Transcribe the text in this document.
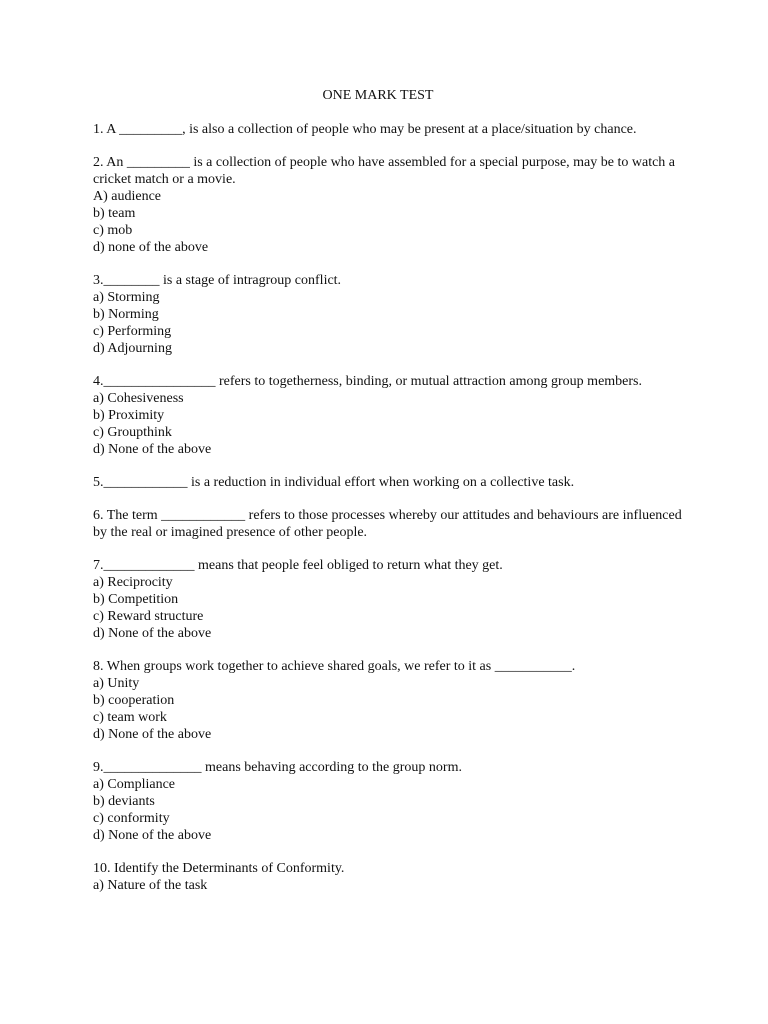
ONE MARK TEST

1. A _________, is also a collection of people who may be present at a place/situation by chance.

2. An _________ is a collection of people who have assembled for a special purpose, may be to watch a cricket match or a movie.

A) audience
b) team
c) mob
d) none of the above

3.________ is a stage of intragroup conflict.

a) Storming
b) Norming
c) Performing
d) Adjourning

4.________________ refers to togetherness, binding, or mutual attraction among group members.

a) Cohesiveness
b) Proximity
c) Groupthink
d) None of the above

5.____________ is a reduction in individual effort when working on a collective task.

6. The term ____________ refers to those processes whereby our attitudes and behaviours are influenced by the real or imagined presence of other people.

7._____________ means that people feel obliged to return what they get.

a) Reciprocity
b) Competition
c) Reward structure
d) None of the above

8. When groups work together to achieve shared goals, we refer to it as ___________.

a) Unity
b) cooperation
c) team work
d) None of the above

9.______________ means behaving according to the group norm.

a) Compliance
b) deviants
c) conformity
d) None of the above

10. Identify the Determinants of Conformity.

a) Nature of the task
